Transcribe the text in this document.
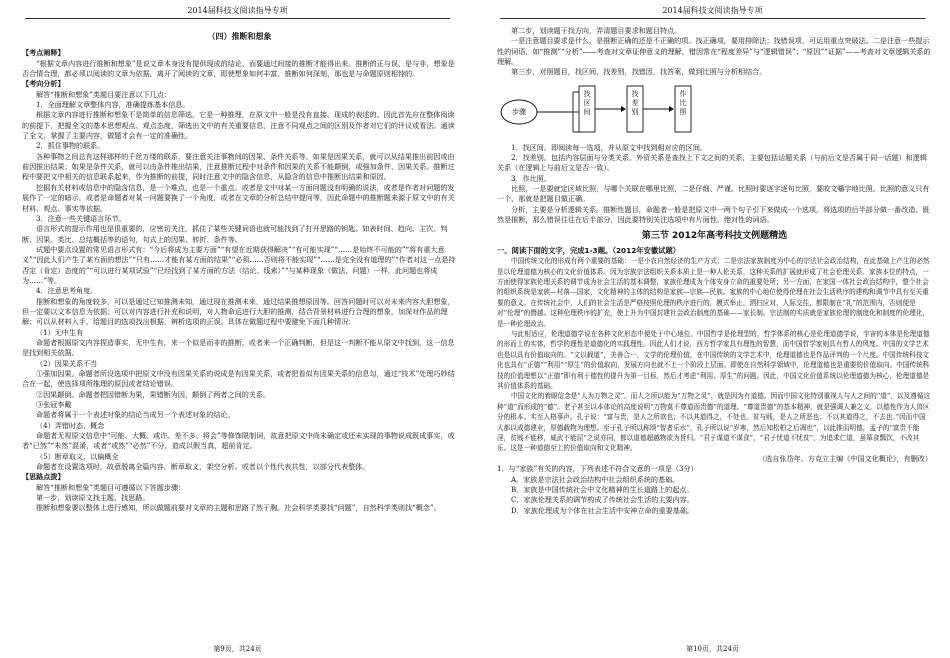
2014届科技文阅读指导专项
（四）推断和想象

【考点阐释】

“根据文章内容进行推断和想象”是说文章本身没有提供现成的结论，而要通过间接的推断才能得出来。推断的正与误、是与非，想象是否合情合理，都必须以阅读的文章为依据，离开了阅读的文章，即使想象如何丰富，推断如何深刻，那也是与命题原则相悖的。

【考向分析】

解答“推断和想象”类题目要注意以下几点：

1．全面理解文章整体内容，准确提炼基本信息。

根据文章内容进行推断和想象不是简单的信息筛选，它是一种推理，在原文中一般是没有直接、现成的表述的。因此首先应在整体阅读的前提下，把握全文的基本思想观点、观点态度，筛选出文中的有关重要信息，注意不同观点之间的区别及作者对它们的评议或看法。通读了全文，掌握了主要内容，做题才会有一定的准确性。

2．抓住事物的联系。

各种事物之间总有这样那样的千丝万缕的联系，要注意关注事物间的因果、条件关系等。如果是因果关系，就可以从结果推出前因或由前因推出结果；如果是条件关系，就可以由条件推出结果，注意推断过程中对条件和因果的关系不能颠倒，或强加条件、因果关系。推断过程中要把文中相关的信息联系起来，作为推断的前提，同时注意文中的隐含信息，从隐含的信息中推断出结果和原因。

挖掘有关材料或信息中的隐含信息，是一个难点，也是一个重点。或者是文中对某一方面问题没有明确的说法，或者是作者对问题的发展作了一定的暗示，或者是命题者对某一问题要换了一个角度，或者在文章的分析总结中提问等，因此命题中的推断题来源于原文中的有关材料、观点、事实等依据。

3．注意一些关键语言环节。

语言形式的提示作用也是很重要的，应密切关注，抓住了某些关键词语也就可能找到了打开思路的钥匙。如表时间、趋向、主次、判断、因果、类比、总结概括等的语句，句式上的因果、转折、条件等。

试题中要点设置的常见语言形式有：“今后将成为主要方面”“有望在近期获得解决”“有可能实现”“……是始终不可能的”“将有重大意义”“因此人们产生了某方面的想法”“只有……才能有某方面的结果”“必须……否则将不能实现”“……是完全没有道理的”“作者对这一点是持否定（肯定）态度的”“可以进行某项试验”“已经找到了某方面的方法（结论、线索）”“与某种现象（做法、问题）一样，此问题也将成为……”等。

4．注意思考角度。

推断和想象的角度较多，可以是通过已知推测未知，通过现在推测未来，通过结果推想原因等。回答问题时可以对未来内容大胆想象，但一定要以文本信息为依据；可以对内容进行补充和说明，对人物命运进行大胆的推测，结合背景材料进行合理的想象，加深对作品的理解；可以从材料入手，给题目的选项找出根据，辨析选项的正误。具体在做题过程中要避免下面几种情况：

（1）无中生有

命题者根据原文内容捏造事实，无中生有，来一个似是而非的推断，或者来一个正确判断，但是这一判断不能从原文中找到，这一信息是找到相关依据。

（2）因果关系不当

①强加因果。命题者所设选项中把原文中没有因果关系的说成是有因果关系，或者把看似有因果关系的信息勾，通过“技术”处理巧妙结合在一起，使选择项所推理的原因或者结论错误。

②因果颠倒。命题者把因错断为果，果错断为因，颠倒了两者之间的关系。

③张冠李戴

命题者将属于一个表述对象的结论当成另一个表述对象的结论。

（4）弄错时态、概念

命题者无视原文信息中“可能、大概、或许、差不多、将会”等修饰限制词，故意把原文中尚未确定或还未实现的事物说成既成事实，或者“已然”“未然”混淆，或者“或然”“必然”不分，造成以假当真，超前肯定。

（5）断章取义，以偏概全

命题者在设置选项时，故意脱离全篇内容，断章取义，架空分析。或者以个性代表共性，以部分代表整体。

【思路点拨】

解答“推断和想象”类题目可遵循以下答题步骤：

第一步，划读原文找主题，找思路。

推断和想象要以整体上进行感知，所以做题前要对文章的主题和思路了然于胸。社会科学类要找“问题”，自然科学类则找“概念”。

第9页，共24页
2014届科技文阅读指导专项

第二步，划读题干找方向，弄清题目要求和题目特点。

一是注意题目要求是什么，是推断正确的还是不正确的项。找正确项，要用排除法；找错误项，可运用重点突破法。二是注意一些提示性的词语，如“推测”“分析”——考查对文章证伸意义的理解，错因常在“程度差异”与“逻辑错误”；“原因”“证据”——考查对文章逻辑关系的理解。

第三步，对照题目，找区间，找差别，找错因，找答案，做到比照与分析相结合。

步骤
找区间
找差别
作比照

1．找区间。即阅读每一选项，并从原文中找到相对应的区间。

2．找差别。包括内容层面与分类关系。外资关系是查找上下文之间的关系，主要包括话题关系（与前后文是否属于同一话题）和逻辑关系（在逻辑上与前后文是否一致）。

3．作比照。

比照，一是要就定区域比照，与哪个关联在哪里比照，二是仔细、严谨。比照时要逐字逐句比照，要咬文嚼字地比照。比照的意义只有一个，那就是把题目做正确。

分析，主要是分析逻辑关系。推断性题目，命题者一般是把原文中一两个句子引下来做成一个选项，将选项的后半部分做一番改造。既然是推断，那么错误往往在后半部分，因此要特别关注选项中有片面性、绝对性的词语。

第三节 2012年高考科技文例题精选

一、阅读下面的文字，完成1-3题。（2012年安徽试题）

中国传统文化的形成有两个重要的基础：一是小农自然经济的生产方式；二是宗法家族制度为中心的宗法社会政治结构，在此基础上产生的必然是以伦理道德为核心的文化价值体系。因为宗族宗法组织关系本质上是一种人伦关系，这种关系的扩展就形成了社会伦理关系、家族本位的特点，一方面使得家族伦理关系的调节成为社会生活的基本调整，家族伦理成为个体安身立命的重要处所；另一方面，在家国一体社会政治结构中，整个社会的组织系统是家族—村落—国家，文化精神的主体的结构是家族—宗族—民族。家族的中心地位使得伦理在社会生活秩序的建构和调节中具有至关重要的意义。在传统社会中，人们的社会生活是严格按照伦理的秩序进行的，膜式举止，洒扫应对，人际交往，都限制在“礼”的范围内，否则便是对“伦理”的僭越。这种伦理秩序的扩充，使上升为中国封建社会政治制度的基础——家长制。宗法制的实质就是家族伦理的制度化和制度的伦理化，是一种伦理政治。

与此相适应，伦理道德学说在各种文化形态中便处于中心地位。中国哲学是伦理型的，哲学体系的核心是伦理道德学说，宇宙的本体是伦理道德的形而上的实体，哲学的理性是道德化的实践理性。因此人们才说，西方哲学家具有理性的智慧，而中国哲学家则具有哲人的风度。中国的文学艺术也是以具有价值取向的。“文以载道”，美善合一，文学的伦理价值，在中国传统的文学艺术中，伦理道德也是作品评判的一个尺度。中国传统科技文化也具有“正德”“利用”“厚生”的价值取向，发展方向也就不上一个阶段上层面。即使在自然科学领域中，伦理道德也是重要的价值取向。中国传统科技的价值理想以“正德”即有利于德性的提升为第一目标，然后才考虑“利用、厚生”的问题。因此，中国文化价值系统以伦理道德为核心，伦理道德是其价值体系的基础。

中国文化的着眼信念是“人为万物之灵”。而人之所以能为“万物之灵”，就是因为有道德。因而中国文化特别重视人与人之间的“道”，以及遵循这种“道”而形成的“德”。老子甚至以本体论的高度说明“万物莫不尊道而贵德”的道理。“尊道贵德”的基本精神，就是强调人兼之义，以德性作为人兽区分的根本。实至人格事声。孔子说：“富与贵，是人之所欲也；不以其道得之，不处也。贫与贱，是人之所恶也；不以其道得之，不去也。”因而中国人都以成德建业，厚德载物为理想。至于孔子所以称颂“智者乐水”，孔子所以说“岁寒，然后知松柏之后凋也”，以此推而明德，孟子的“富贵不能淫，贫贱不能移，威武不能屈”之说亦同，都以道德超越物欲为旨归。“君子谋道不谋食”，“君子忧道不忧贫”，为追求仁道，虽箪食瓢饮，不改其乐。这是一种道德至上的价值取向和文化精神。

（选自张岱年、方克立主编《中国文化概论》，有删改）

1．与“家族”有关的内容，下列表述不符合文意的一项是（3分）

A．家族是宗法社会政治结构中社会组织系统的基础。

B．家族是中国传统社会中文化精神的生长道路上的起点。

C．家族伦理关系的调节构成了传统社会生活的主要内容。

D．家族伦理成为个体在社会生活中安神立命的重要基础。

第10页，共24页
